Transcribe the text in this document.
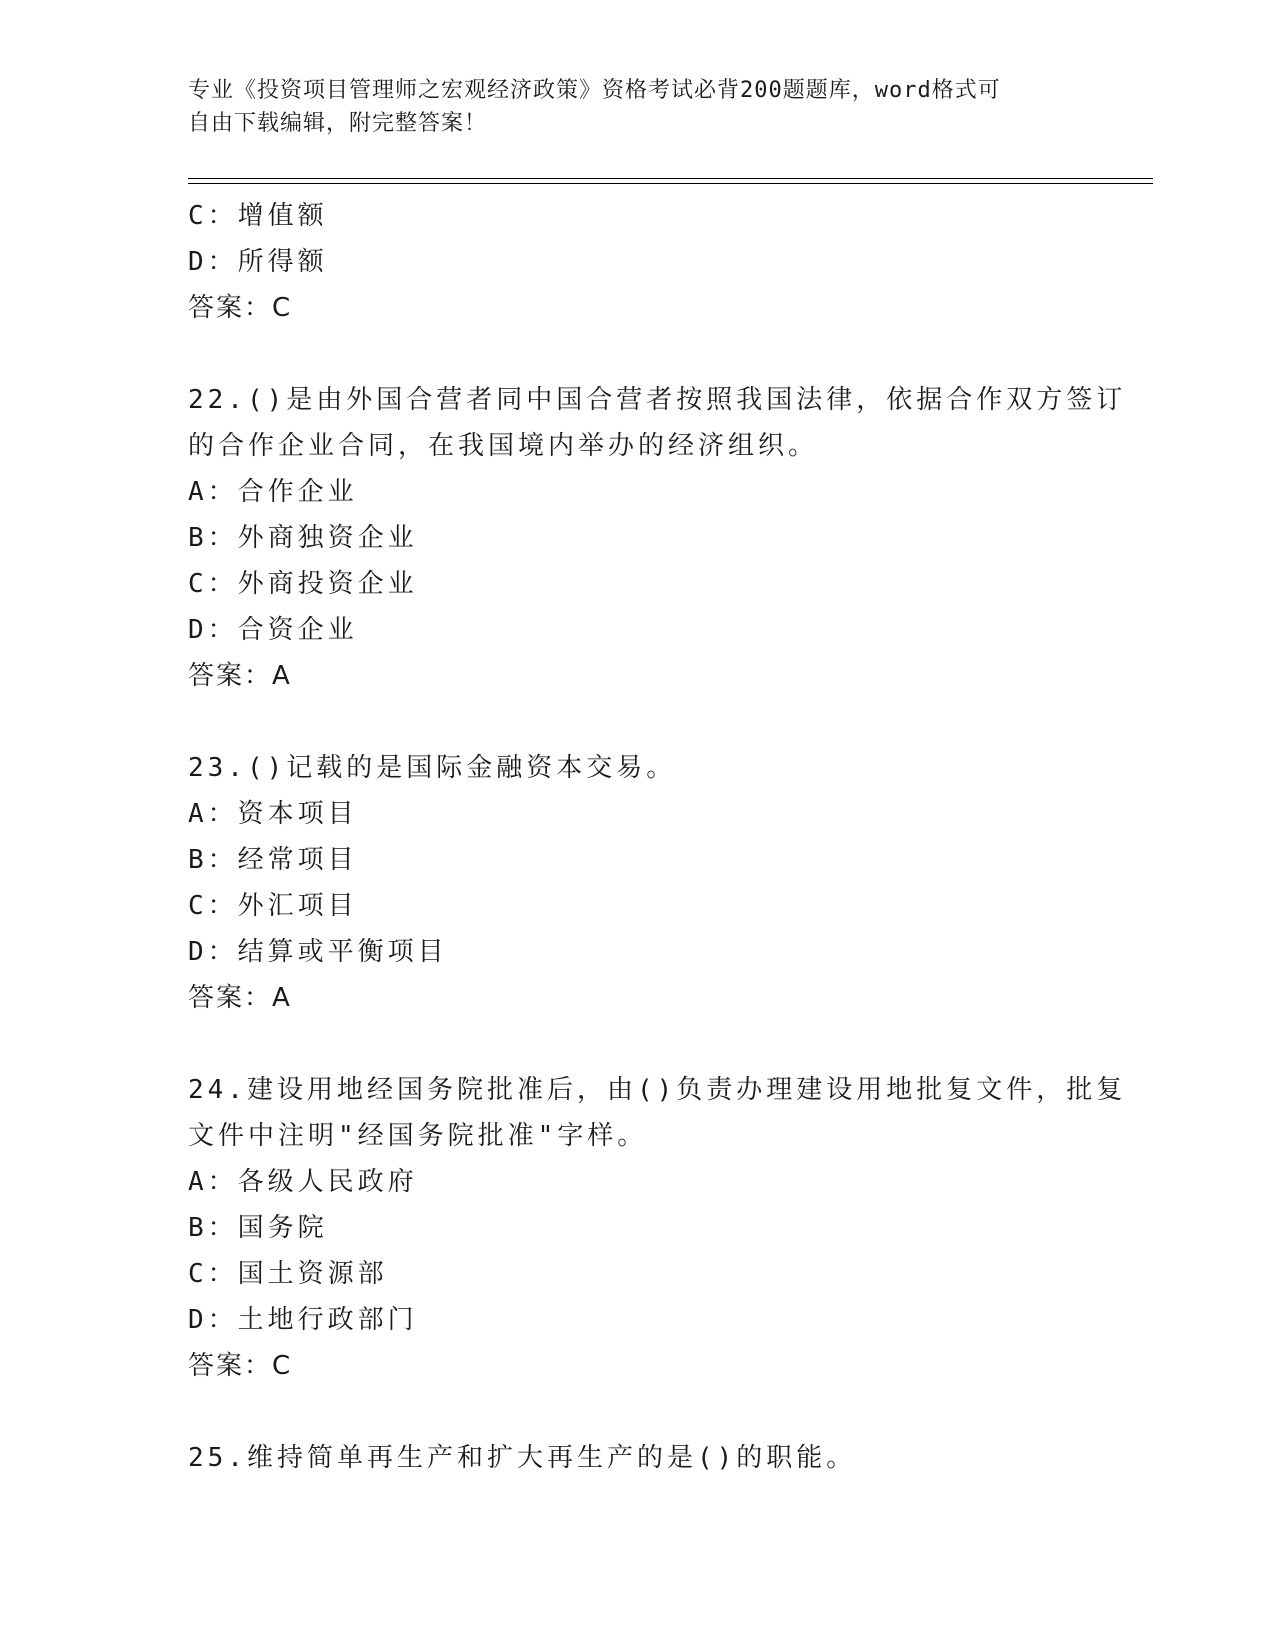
专业《投资项目管理师之宏观经济政策》资格考试必背200题题库，word格式可
自由下载编辑，附完整答案！
C：增值额
D：所得额
答案：C
22.()是由外国合营者同中国合营者按照我国法律，依据合作双方签订
的合作企业合同，在我国境内举办的经济组织。
A：合作企业
B：外商独资企业
C：外商投资企业
D：合资企业
答案：A
23.()记载的是国际金融资本交易。
A：资本项目
B：经常项目
C：外汇项目
D：结算或平衡项目
答案：A
24.建设用地经国务院批准后，由()负责办理建设用地批复文件，批复
文件中注明"经国务院批准"字样。
A：各级人民政府
B：国务院
C：国土资源部
D：土地行政部门
答案：C
25.维持简单再生产和扩大再生产的是()的职能。
